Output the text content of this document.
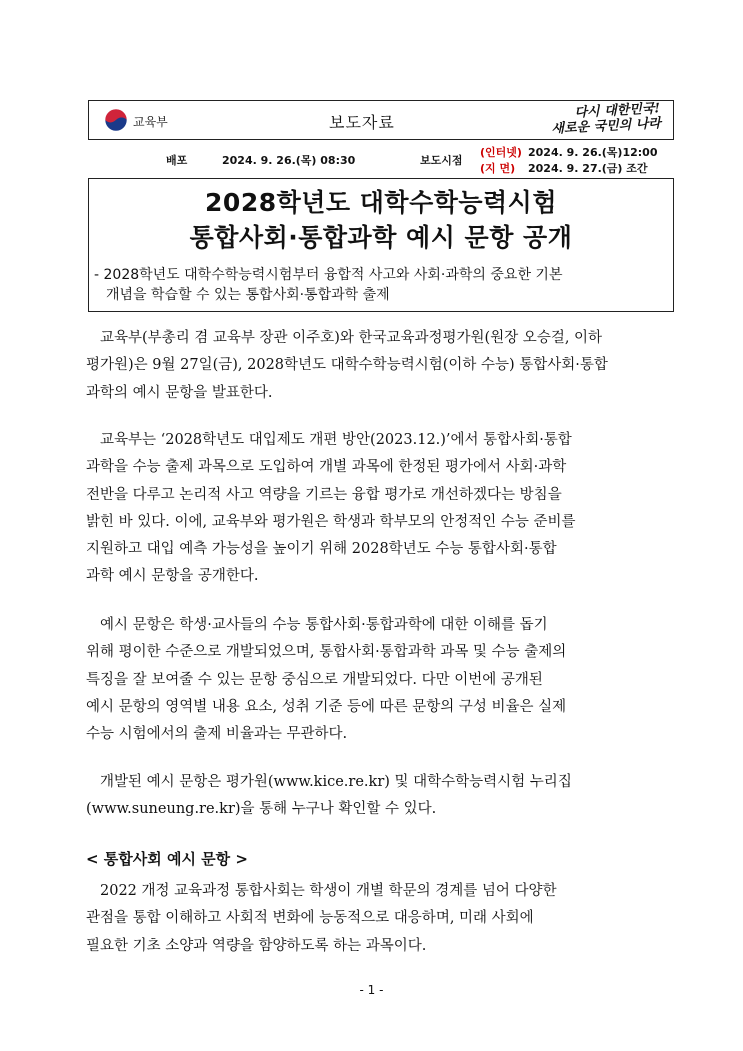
교육부	보도자료
다시 대한민국!
새로운 국민의 나라
배포	2024. 9. 26.(목) 08:30	보도시점
(인터넷) 2024. 9. 26.(목)12:00
(지 면) 2024. 9. 27.(금) 조간
2028학년도 대학수학능력시험
통합사회·통합과학 예시 문항 공개
- 2028학년도 대학수학능력시험부터 융합적 사고와 사회·과학의 중요한 기본
개념을 학습할 수 있는 통합사회·통합과학 출제
교육부(부총리 겸 교육부 장관 이주호)와 한국교육과정평가원(원장 오승걸, 이하
평가원)은 9월 27일(금), 2028학년도 대학수학능력시험(이하 수능) 통합사회·통합
과학의 예시 문항을 발표한다.
교육부는 ‘2028학년도 대입제도 개편 방안(2023.12.)’에서 통합사회·통합
과학을 수능 출제 과목으로 도입하여 개별 과목에 한정된 평가에서 사회·과학
전반을 다루고 논리적 사고 역량을 기르는 융합 평가로 개선하겠다는 방침을
밝힌 바 있다. 이에, 교육부와 평가원은 학생과 학부모의 안정적인 수능 준비를
지원하고 대입 예측 가능성을 높이기 위해 2028학년도 수능 통합사회·통합
과학 예시 문항을 공개한다.
예시 문항은 학생·교사들의 수능 통합사회·통합과학에 대한 이해를 돕기
위해 평이한 수준으로 개발되었으며, 통합사회·통합과학 과목 및 수능 출제의
특징을 잘 보여줄 수 있는 문항 중심으로 개발되었다. 다만 이번에 공개된
예시 문항의 영역별 내용 요소, 성취 기준 등에 따른 문항의 구성 비율은 실제
수능 시험에서의 출제 비율과는 무관하다.
개발된 예시 문항은 평가원(www.kice.re.kr) 및 대학수학능력시험 누리집
(www.suneung.re.kr)을 통해 누구나 확인할 수 있다.
< 통합사회 예시 문항 >
2022 개정 교육과정 통합사회는 학생이 개별 학문의 경계를 넘어 다양한
관점을 통합 이해하고 사회적 변화에 능동적으로 대응하며, 미래 사회에
필요한 기초 소양과 역량을 함양하도록 하는 과목이다.
- 1 -
